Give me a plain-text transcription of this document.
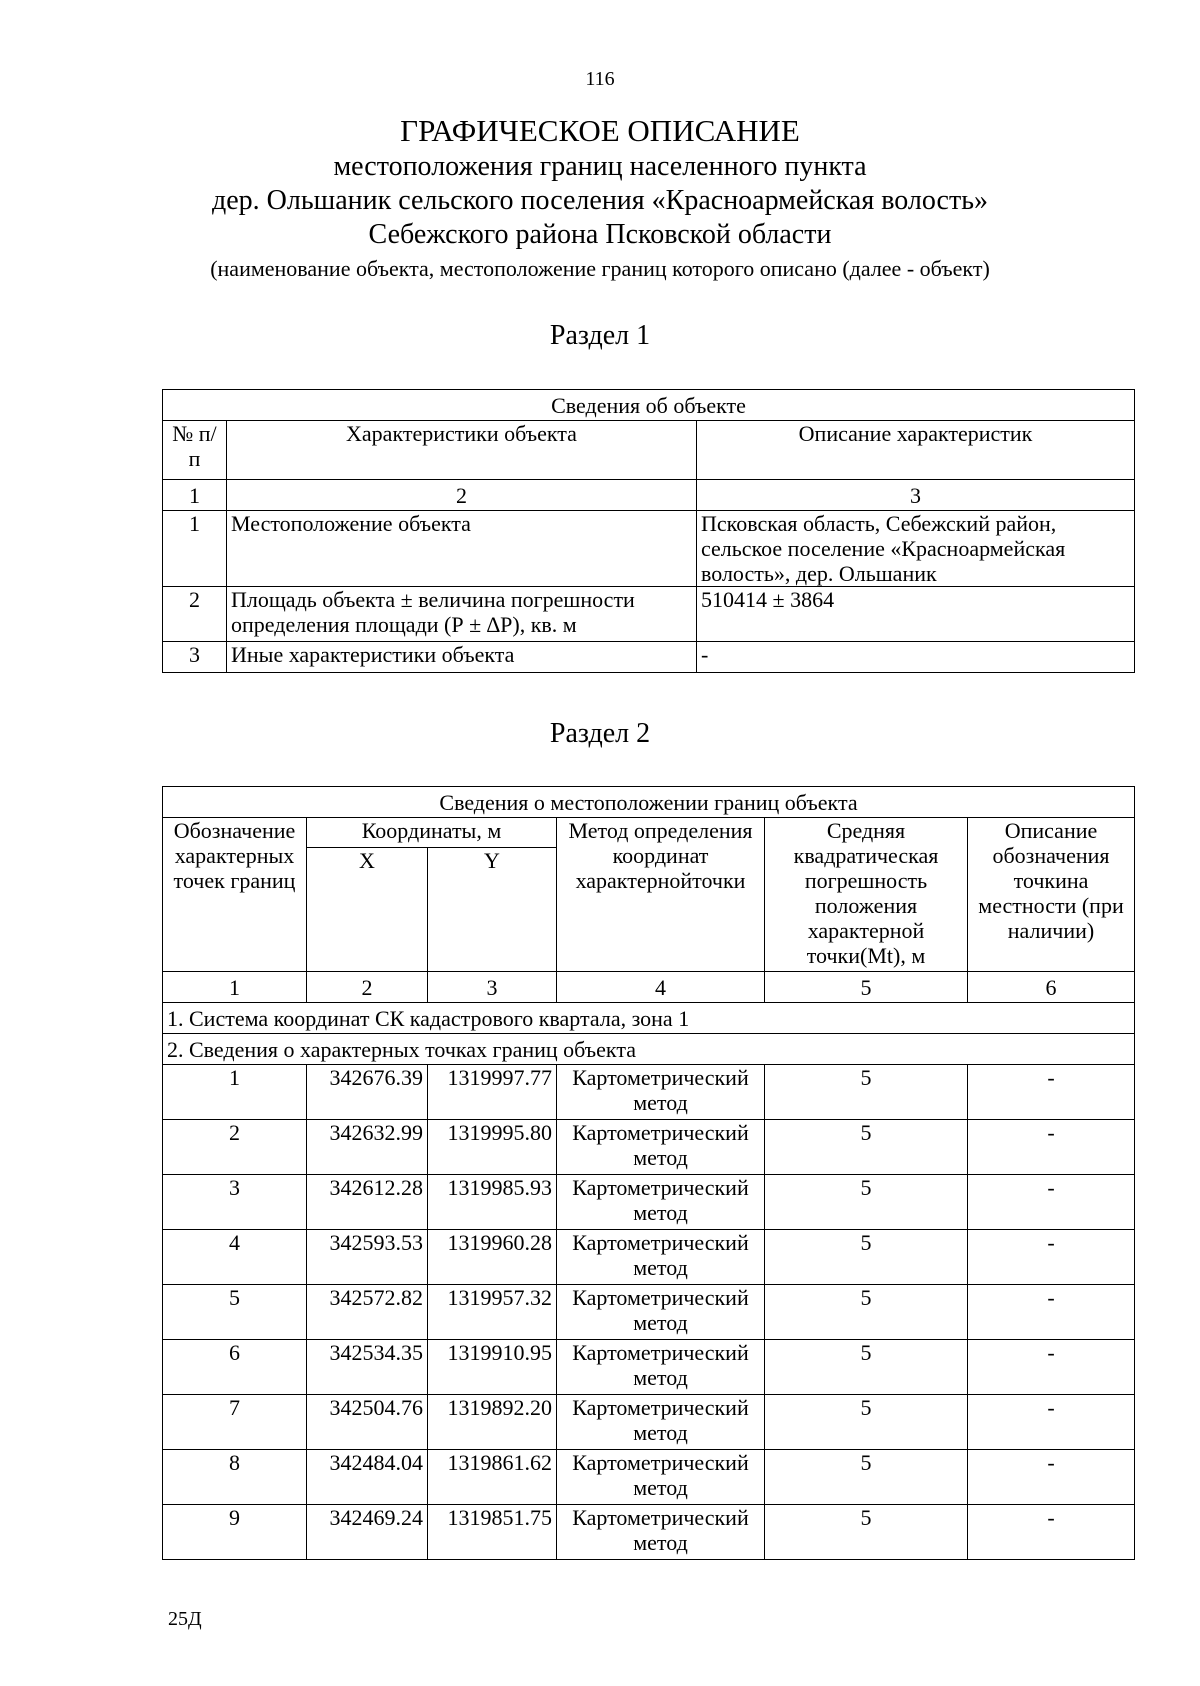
116
ГРАФИЧЕСКОЕ ОПИСАНИЕ
местоположения границ населенного пункта
дер. Ольшаник сельского поселения «Красноармейская волость»
Себежского района Псковской области
(наименование объекта, местоположение границ которого описано (далее - объект)
Раздел 1
Сведения об объекте		
№ п/п	Характеристики объекта	Описание характеристик
1	2	3
1	Местоположение объекта	Псковская область, Себежский район, сельское поселение «Красноармейская волость», дер. Ольшаник
2	Площадь объекта ± величина погрешности определения площади (Р ± ∆Р), кв. м	510414 ± 3864
3	Иные характеристики объекта	-
Раздел 2
Сведения о местоположении границ объекта					
Обозначение характерных точек границ	Координаты, м		Метод определения координат характернойточки	Средняя квадратическая погрешность положения характерной точки(Mt), м	Описание обозначения точкина местности (при наличии)
	X	Y			
1	2	3	4	5	6
1. Система координат СК кадастрового квартала, зона 1					
2. Сведения о характерных точках границ объекта					
1	342676.39	1319997.77	Картометрический метод	5	-
2	342632.99	1319995.80	Картометрический метод	5	-
3	342612.28	1319985.93	Картометрический метод	5	-
4	342593.53	1319960.28	Картометрический метод	5	-
5	342572.82	1319957.32	Картометрический метод	5	-
6	342534.35	1319910.95	Картометрический метод	5	-
7	342504.76	1319892.20	Картометрический метод	5	-
8	342484.04	1319861.62	Картометрический метод	5	-
9	342469.24	1319851.75	Картометрический метод	5	-
25Д
